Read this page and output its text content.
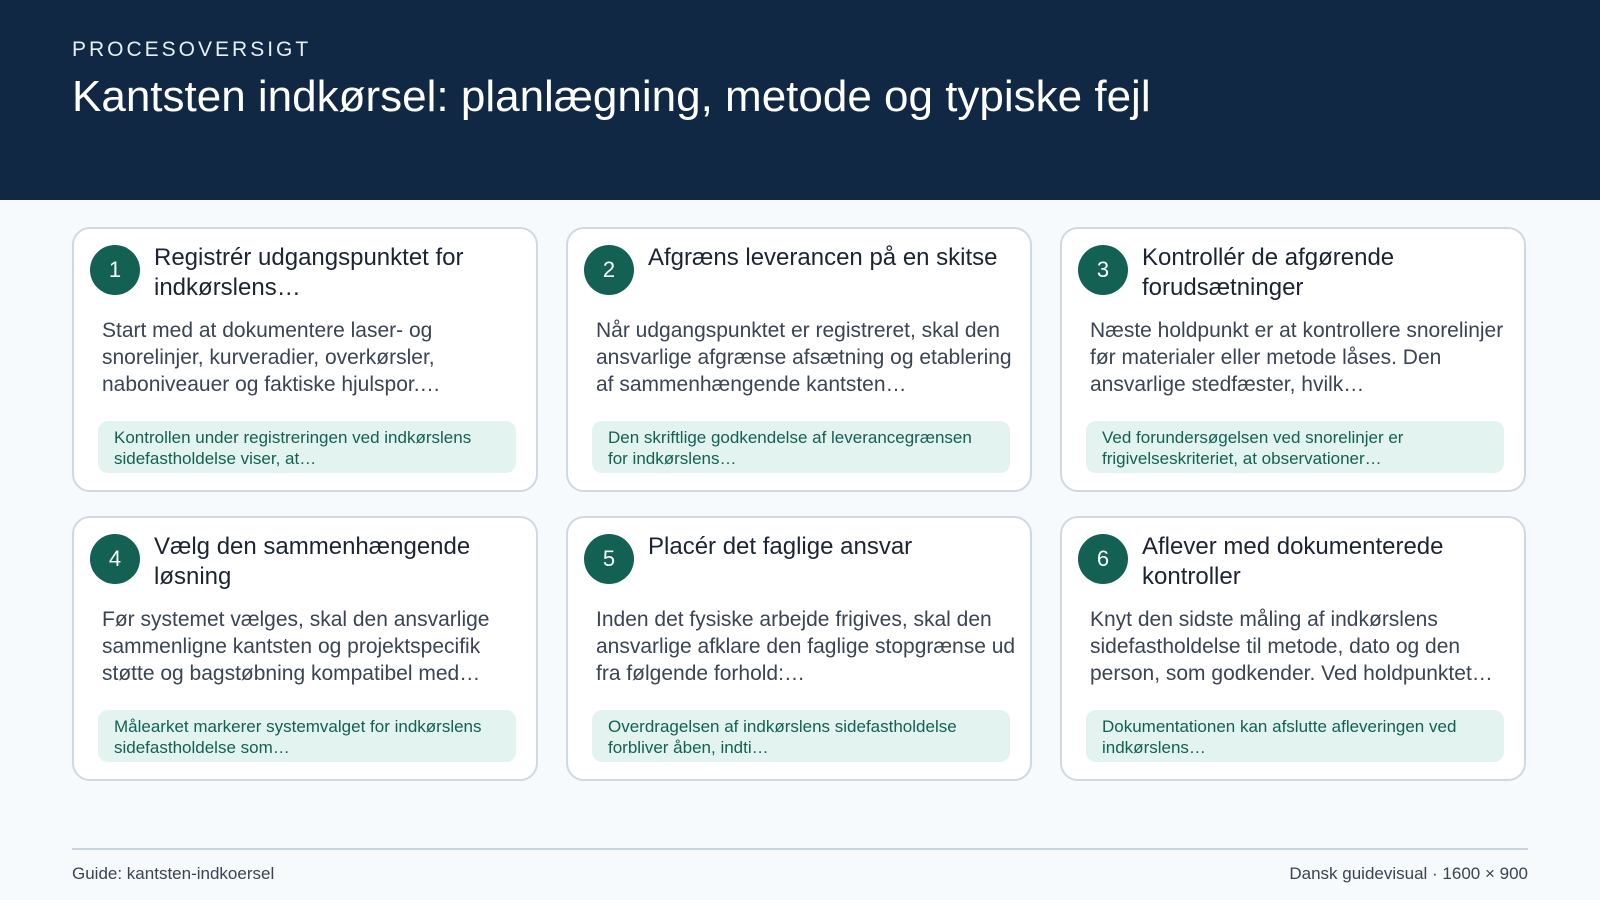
PROCESOVERSIGT
Kantsten indkørsel: planlægning, metode og typiske fejl
1	Registrér udgangspunktet for indkørslens…
Start med at dokumentere laser- og snorelinjer, kurveradier, overkørsler, naboniveauer og faktiske hjulspor.…
Kontrollen under registreringen ved indkørslens sidefastholdelse viser, at…
2	Afgræns leverancen på en skitse
Når udgangspunktet er registreret, skal den ansvarlige afgrænse afsætning og etablering af sammenhængende kantsten…
Den skriftlige godkendelse af leverancegrænsen for indkørslens…
3	Kontrollér de afgørende forudsætninger
Næste holdpunkt er at kontrollere snorelinjer før materialer eller metode låses. Den ansvarlige stedfæster, hvilk…
Ved forundersøgelsen ved snorelinjer er frigivelseskriteriet, at observationer…
4	Vælg den sammenhængende løsning
Før systemet vælges, skal den ansvarlige sammenligne kantsten og projektspecifik støtte og bagstøbning kompatibel med…
Målearket markerer systemvalget for indkørslens sidefastholdelse som…
5	Placér det faglige ansvar
Inden det fysiske arbejde frigives, skal den ansvarlige afklare den faglige stopgrænse ud fra følgende forhold:…
Overdragelsen af indkørslens sidefastholdelse forbliver åben, indti…
6	Aflever med dokumenterede kontroller
Knyt den sidste måling af indkørslens sidefastholdelse til metode, dato og den person, som godkender. Ved holdpunktet…
Dokumentationen kan afslutte afleveringen ved indkørslens…
Guide: kantsten-indkoersel	Dansk guidevisual · 1600 × 900
